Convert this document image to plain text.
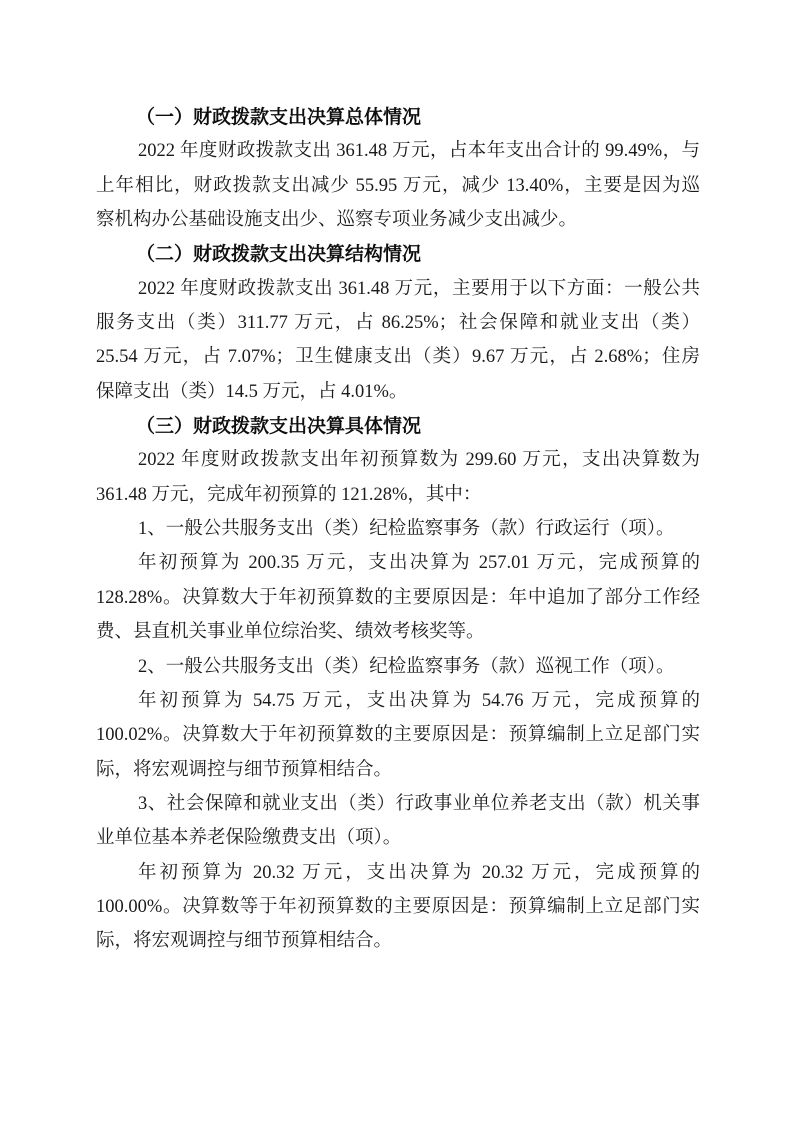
（一）财政拨款支出决算总体情况
2022 年度财政拨款支出 361.48 万元，占本年支出合计的 99.49%，与
上年相比，财政拨款支出减少 55.95 万元，减少 13.40%，主要是因为巡
察机构办公基础设施支出少、巡察专项业务减少支出减少。
（二）财政拨款支出决算结构情况
2022 年度财政拨款支出 361.48 万元，主要用于以下方面：一般公共
服务支出（类）311.77 万元，占 86.25%；社会保障和就业支出（类）
25.54 万元，占 7.07%；卫生健康支出（类）9.67 万元，占 2.68%；住房
保障支出（类）14.5 万元，占 4.01%。
（三）财政拨款支出决算具体情况
2022 年度财政拨款支出年初预算数为 299.60 万元，支出决算数为
361.48 万元，完成年初预算的 121.28%，其中：
1、一般公共服务支出（类）纪检监察事务（款）行政运行（项）。
年初预算为 200.35 万元，支出决算为 257.01 万元，完成预算的
128.28%。决算数大于年初预算数的主要原因是：年中追加了部分工作经
费、县直机关事业单位综治奖、绩效考核奖等。
2、一般公共服务支出（类）纪检监察事务（款）巡视工作（项）。
年初预算为 54.75 万元，支出决算为 54.76 万元，完成预算的
100.02%。决算数大于年初预算数的主要原因是：预算编制上立足部门实
际，将宏观调控与细节预算相结合。
3、社会保障和就业支出（类）行政事业单位养老支出（款）机关事
业单位基本养老保险缴费支出（项）。
年初预算为 20.32 万元，支出决算为 20.32 万元，完成预算的
100.00%。决算数等于年初预算数的主要原因是：预算编制上立足部门实
际，将宏观调控与细节预算相结合。
